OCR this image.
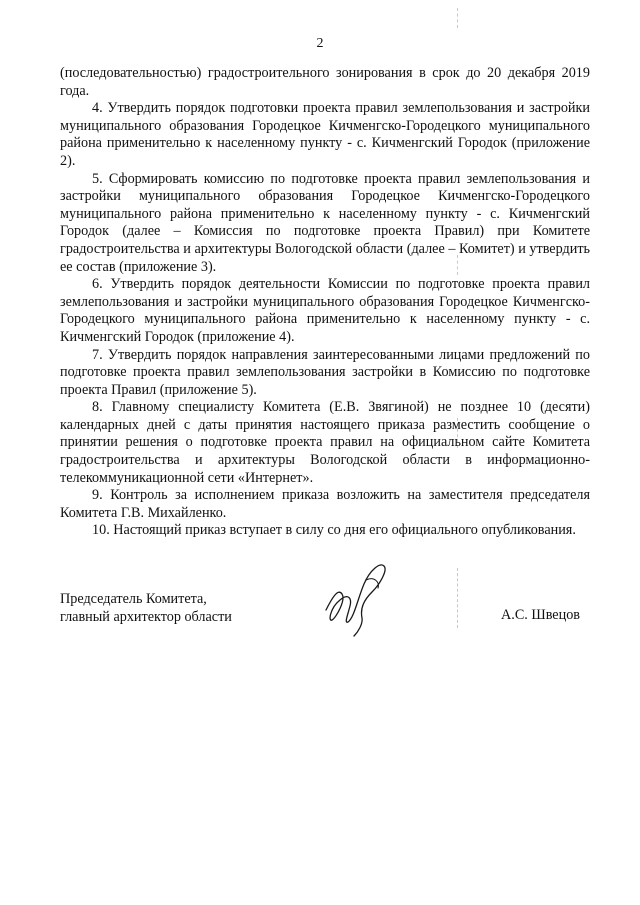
2

(последовательностью) градостроительного зонирования в срок до 20 декабря 2019 года.

4. Утвердить порядок подготовки проекта правил землепользования и застройки муниципального образования Городецкое Кичменгско-Городецкого муниципального района применительно к населенному пункту - с. Кичменгский Городок (приложение 2).

5. Сформировать комиссию по подготовке проекта правил землепользования и застройки муниципального образования Городецкое Кичменгско-Городецкого муниципального района применительно к населенному пункту - с. Кичменгский Городок (далее – Комиссия по подготовке проекта Правил) при Комитете градостроительства и архитектуры Вологодской области (далее – Комитет) и утвердить ее состав (приложение 3).

6. Утвердить порядок деятельности Комиссии по подготовке проекта правил землепользования и застройки муниципального образования Городецкое Кичменгско-Городецкого муниципального района применительно к населенному пункту - с. Кичменгский Городок (приложение 4).

7. Утвердить порядок направления заинтересованными лицами предложений по подготовке проекта правил землепользования застройки в Комиссию по подготовке проекта Правил (приложение 5).

8. Главному специалисту Комитета (Е.В. Звягиной) не позднее 10 (десяти) календарных дней с даты принятия настоящего приказа разместить сообщение о принятии решения о подготовке проекта правил на официальном сайте Комитета градостроительства и архитектуры Вологодской области в информационно-телекоммуникационной сети «Интернет».

9. Контроль за исполнением приказа возложить на заместителя председателя Комитета Г.В. Михайленко.

10. Настоящий приказ вступает в силу со дня его официального опубликования.

Председатель Комитета,
главный архитектор области	А.С. Швецов
